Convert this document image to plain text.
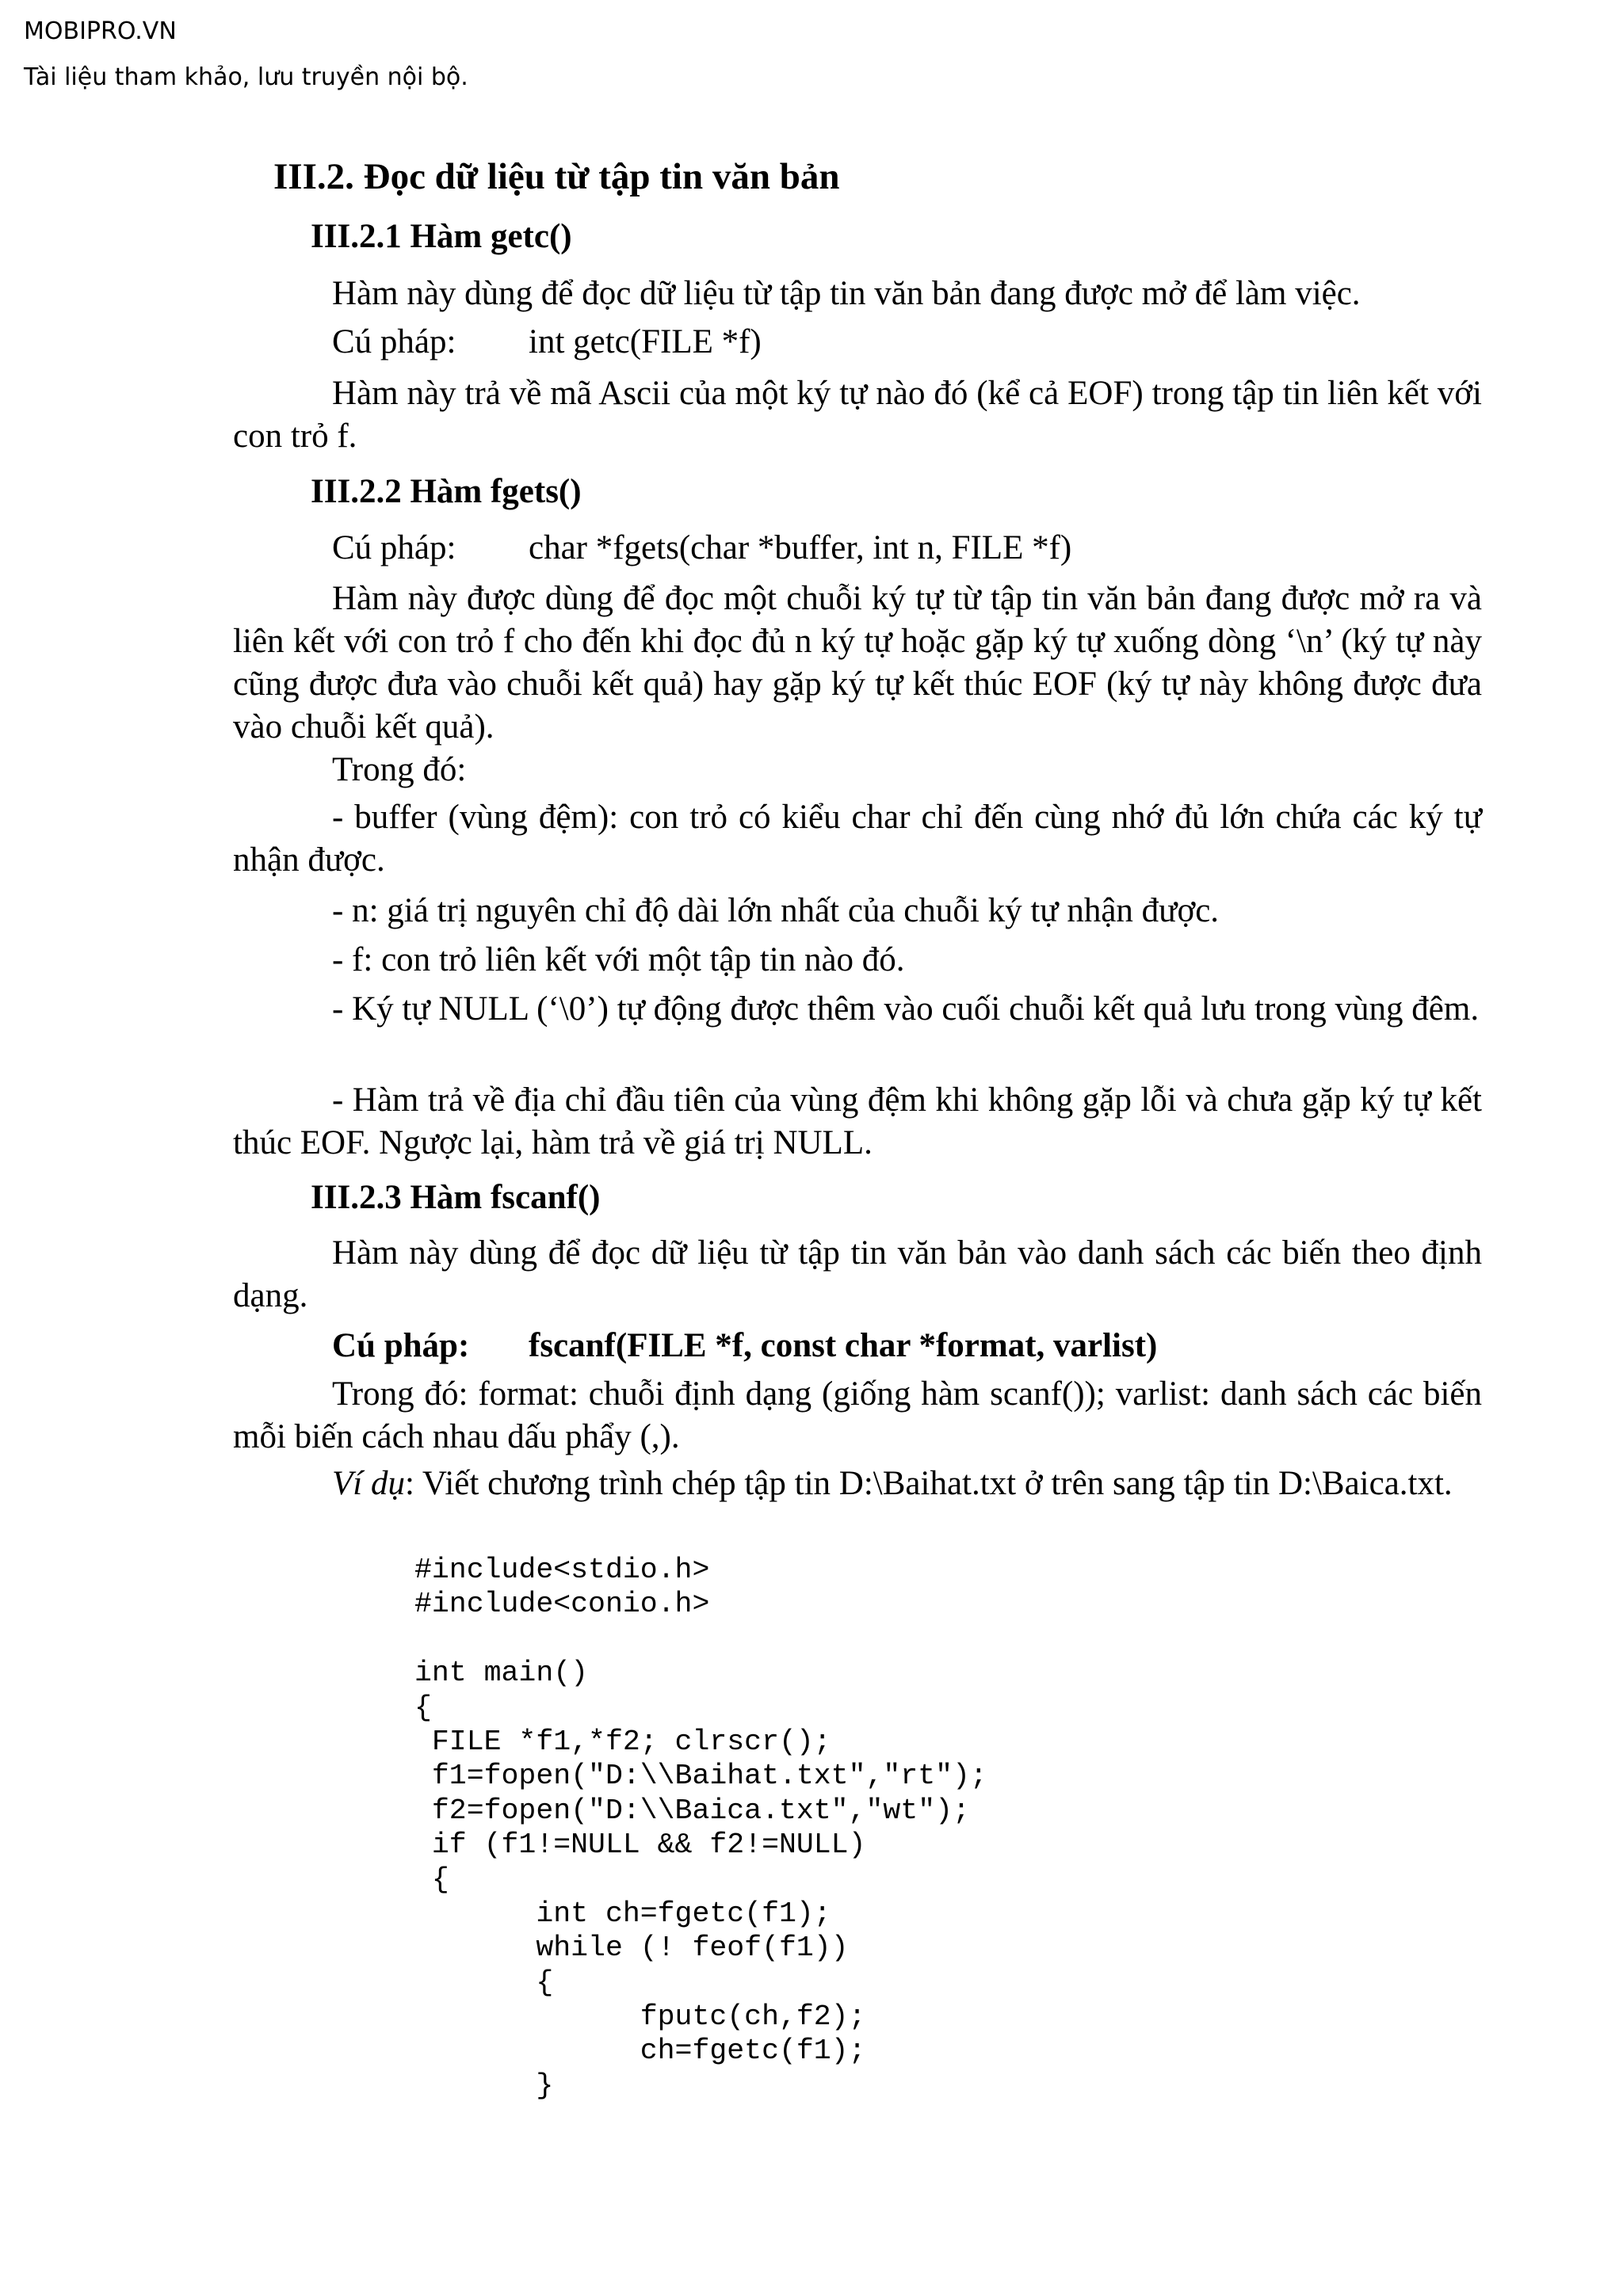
MOBIPRO.VN
Tài liệu tham khảo, lưu truyền nội bộ.
III.2. Đọc dữ liệu từ tập tin văn bản
III.2.1 Hàm getc()
Hàm này dùng để đọc dữ liệu từ tập tin văn bản đang được mở để làm việc.
Cú pháp: int getc(FILE *f)
Hàm này trả về mã Ascii của một ký tự nào đó (kể cả EOF) trong tập tin liên kết với con trỏ f.
III.2.2 Hàm fgets()
Cú pháp: char *fgets(char *buffer, int n, FILE *f)
Hàm này được dùng để đọc một chuỗi ký tự từ tập tin văn bản đang được mở ra và liên kết với con trỏ f cho đến khi đọc đủ n ký tự hoặc gặp ký tự xuống dòng ‘\n’ (ký tự này cũng được đưa vào chuỗi kết quả) hay gặp ký tự kết thúc EOF (ký tự này không được đưa vào chuỗi kết quả).
Trong đó:
- buffer (vùng đệm): con trỏ có kiểu char chỉ đến cùng nhớ đủ lớn chứa các ký tự nhận được.
- n: giá trị nguyên chỉ độ dài lớn nhất của chuỗi ký tự nhận được.
- f: con trỏ liên kết với một tập tin nào đó.
- Ký tự NULL (‘\0’) tự động được thêm vào cuối chuỗi kết quả lưu trong vùng đêm.
- Hàm trả về địa chỉ đầu tiên của vùng đệm khi không gặp lỗi và chưa gặp ký tự kết thúc EOF. Ngược lại, hàm trả về giá trị NULL.
III.2.3 Hàm fscanf()
Hàm này dùng để đọc dữ liệu từ tập tin văn bản vào danh sách các biến theo định dạng.
Cú pháp: fscanf(FILE *f, const char *format, varlist)
Trong đó: format: chuỗi định dạng (giống hàm scanf()); varlist: danh sách các biến mỗi biến cách nhau dấu phẩy (,).
Ví dụ: Viết chương trình chép tập tin D:\Baihat.txt ở trên sang tập tin D:\Baica.txt.
#include<stdio.h>
#include<conio.h>
int main()
{
FILE *f1,*f2; clrscr();
f1=fopen("D:\\Baihat.txt","rt");
f2=fopen("D:\\Baica.txt","wt");
if (f1!=NULL && f2!=NULL)
{
int ch=fgetc(f1);
while (! feof(f1))
{
fputc(ch,f2);
ch=fgetc(f1);
}
